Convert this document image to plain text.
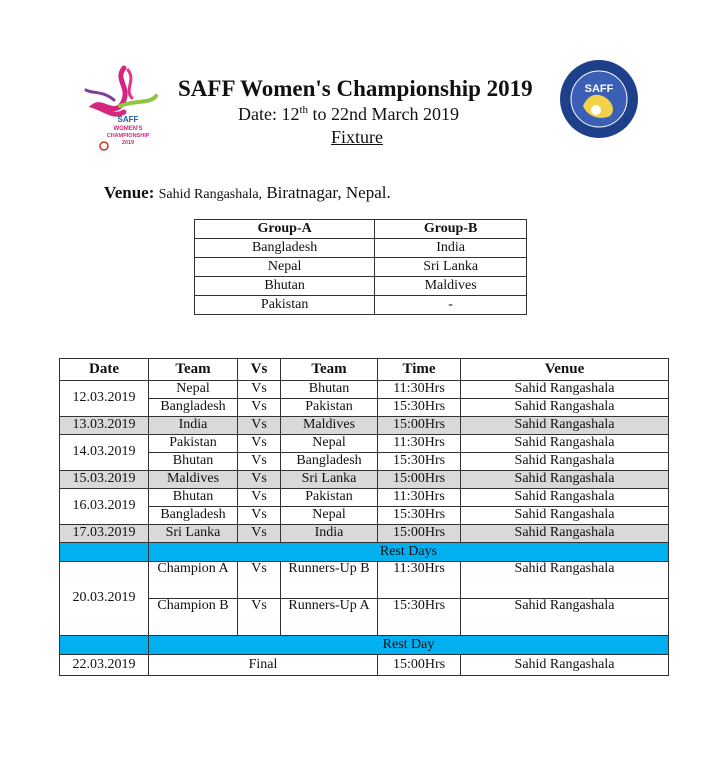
SAFF
WOMEN'S
CHAMPIONSHIP
2019
SAFF
SAFF Women's Championship 2019
Date: 12th to 22nd March 2019
Fixture
Venue: Sahid Rangashala, Biratnagar, Nepal.
Group-A	Group-B
Bangladesh	India
Nepal	Sri Lanka
Bhutan	Maldives
Pakistan	-
Date	Team	Vs	Team	Time	Venue
12.03.2019	Nepal	Vs	Bhutan	11:30Hrs	Sahid Rangashala
	Bangladesh	Vs	Pakistan	15:30Hrs	Sahid Rangashala
13.03.2019	India	Vs	Maldives	15:00Hrs	Sahid Rangashala
14.03.2019	Pakistan	Vs	Nepal	11:30Hrs	Sahid Rangashala
	Bhutan	Vs	Bangladesh	15:30Hrs	Sahid Rangashala
15.03.2019	Maldives	Vs	Sri Lanka	15:00Hrs	Sahid Rangashala
16.03.2019	Bhutan	Vs	Pakistan	11:30Hrs	Sahid Rangashala
	Bangladesh	Vs	Nepal	15:30Hrs	Sahid Rangashala
17.03.2019	Sri Lanka	Vs	India	15:00Hrs	Sahid Rangashala
	Rest Days				
20.03.2019	Champion A	Vs	Runners-Up B	11:30Hrs	Sahid Rangashala
	Champion B	Vs	Runners-Up A	15:30Hrs	Sahid Rangashala
	Rest Day				
22.03.2019	Final			15:00Hrs	Sahid Rangashala
